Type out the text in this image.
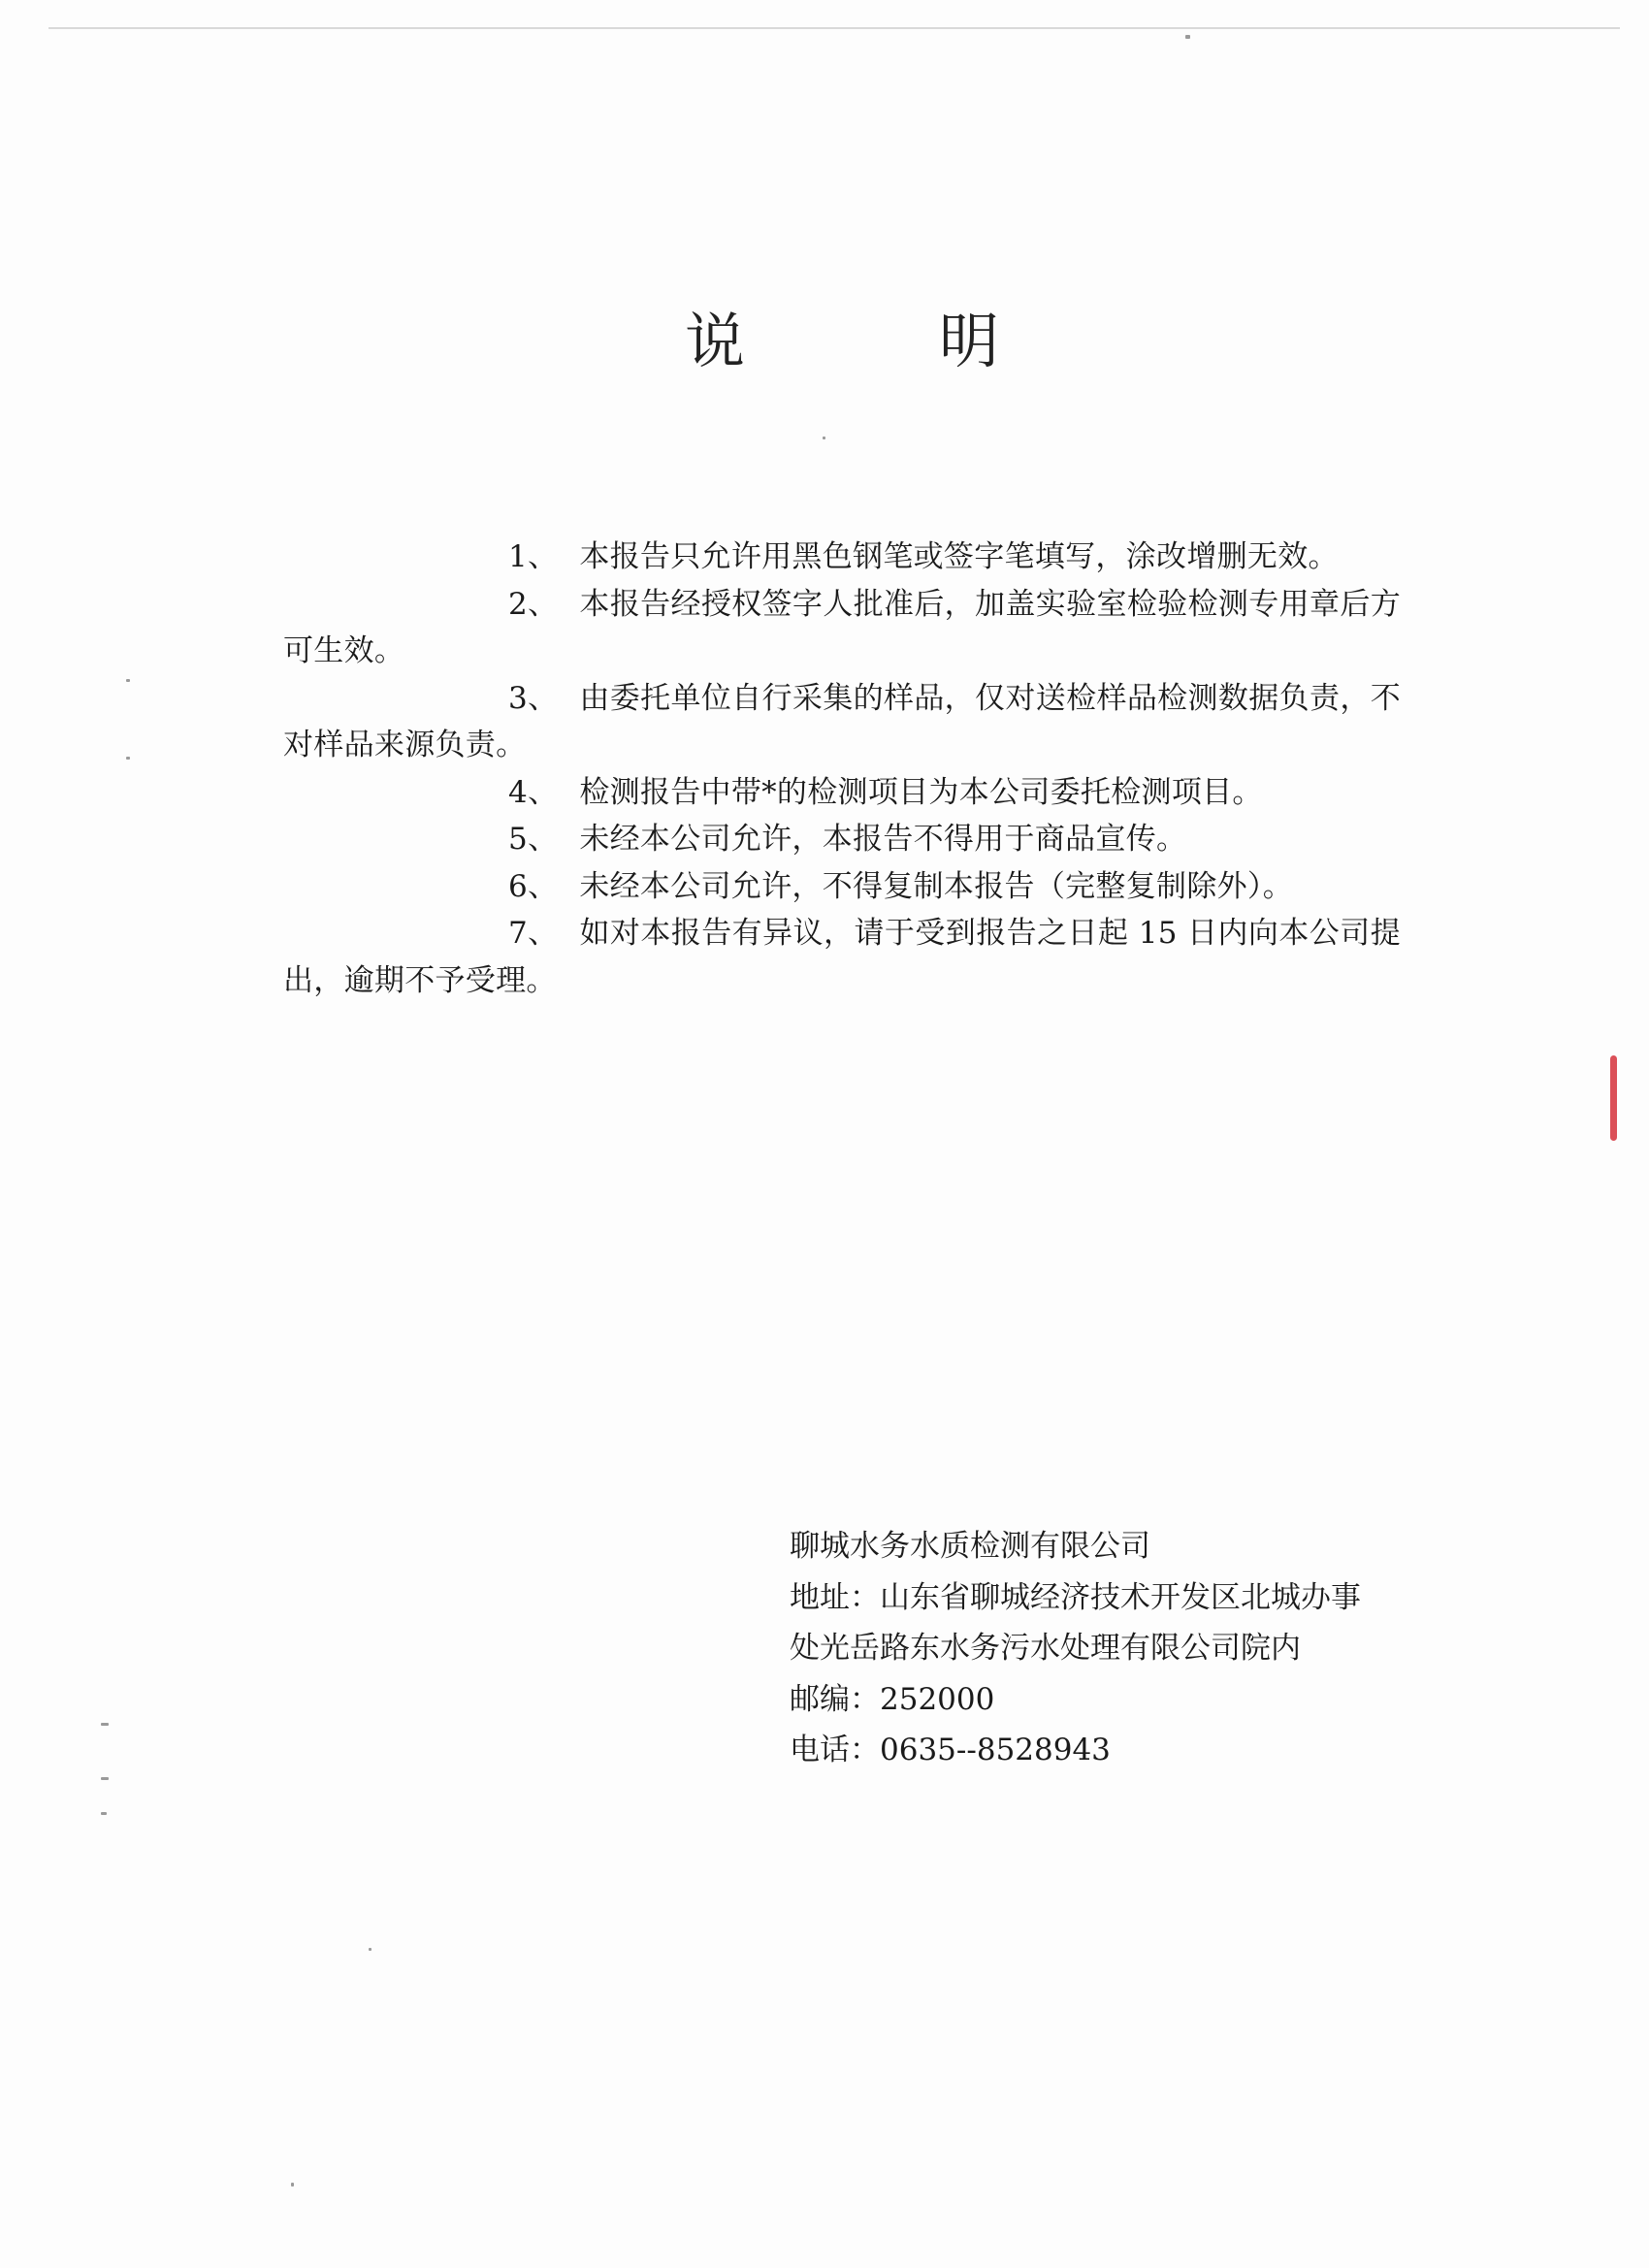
说	明

1、 本报告只允许用黑色钢笔或签字笔填写，涂改增删无效。

2、 本报告经授权签字人批准后，加盖实验室检验检测专用章后方可生效。

3、 由委托单位自行采集的样品，仅对送检样品检测数据负责，不对样品来源负责。

4、 检测报告中带*的检测项目为本公司委托检测项目。

5、 未经本公司允许，本报告不得用于商品宣传。

6、 未经本公司允许，不得复制本报告（完整复制除外）。

7、 如对本报告有异议，请于受到报告之日起 15 日内向本公司提出，逾期不予受理。

聊城水务水质检测有限公司
地址：山东省聊城经济技术开发区北城办事
处光岳路东水务污水处理有限公司院内
邮编：252000
电话：0635--8528943
